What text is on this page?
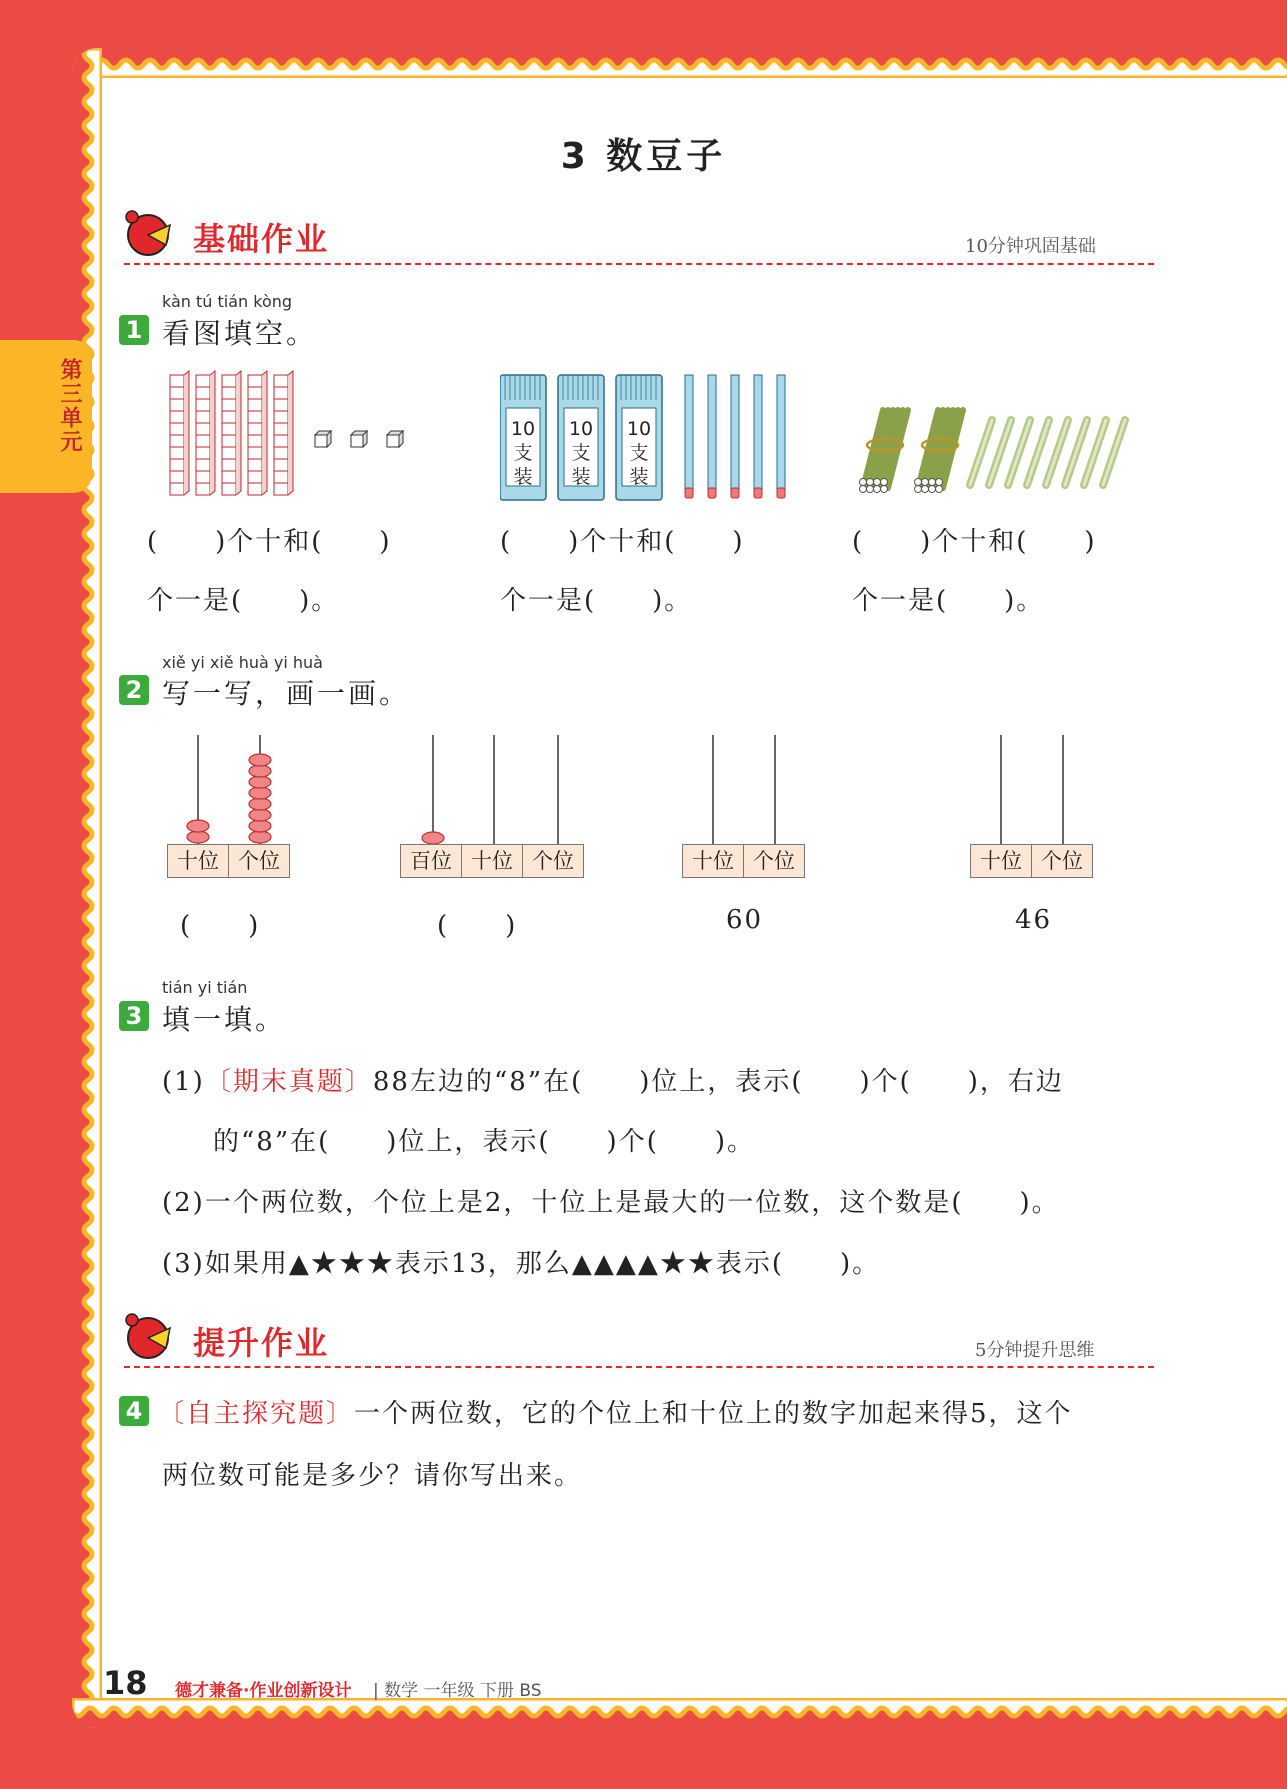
第三单元
3 数豆子
基础作业	10分钟巩固基础
kàn tú tián kòng
1 看图填空。
10 支装
10 支装
10 支装
(　　)个十和(　　)
个一是(　　)。
(　　)个十和(　　)
个一是(　　)。
(　　)个十和(　　)
个一是(　　)。
xiě yi xiě huà yi huà
2 写一写，画一画。
十位 个位	百位 十位 个位	十位 个位	十位 个位
(　　)	(　　)	60	46
tián yi tián
3 填一填。
(1)〔期末真题〕88左边的“8”在(　　)位上，表示(　　)个(　　)，右边
的“8”在(　　)位上，表示(　　)个(　　)。
(2)一个两位数，个位上是2，十位上是最大的一位数，这个数是(　　)。
(3)如果用▲★★★表示13，那么▲▲▲▲★★表示(　　)。
提升作业	5分钟提升思维
4 〔自主探究题〕一个两位数，它的个位上和十位上的数字加起来得5，这个
两位数可能是多少？请你写出来。
18 德才兼备·作业创新设计 | 数学 一年级 下册 BS
